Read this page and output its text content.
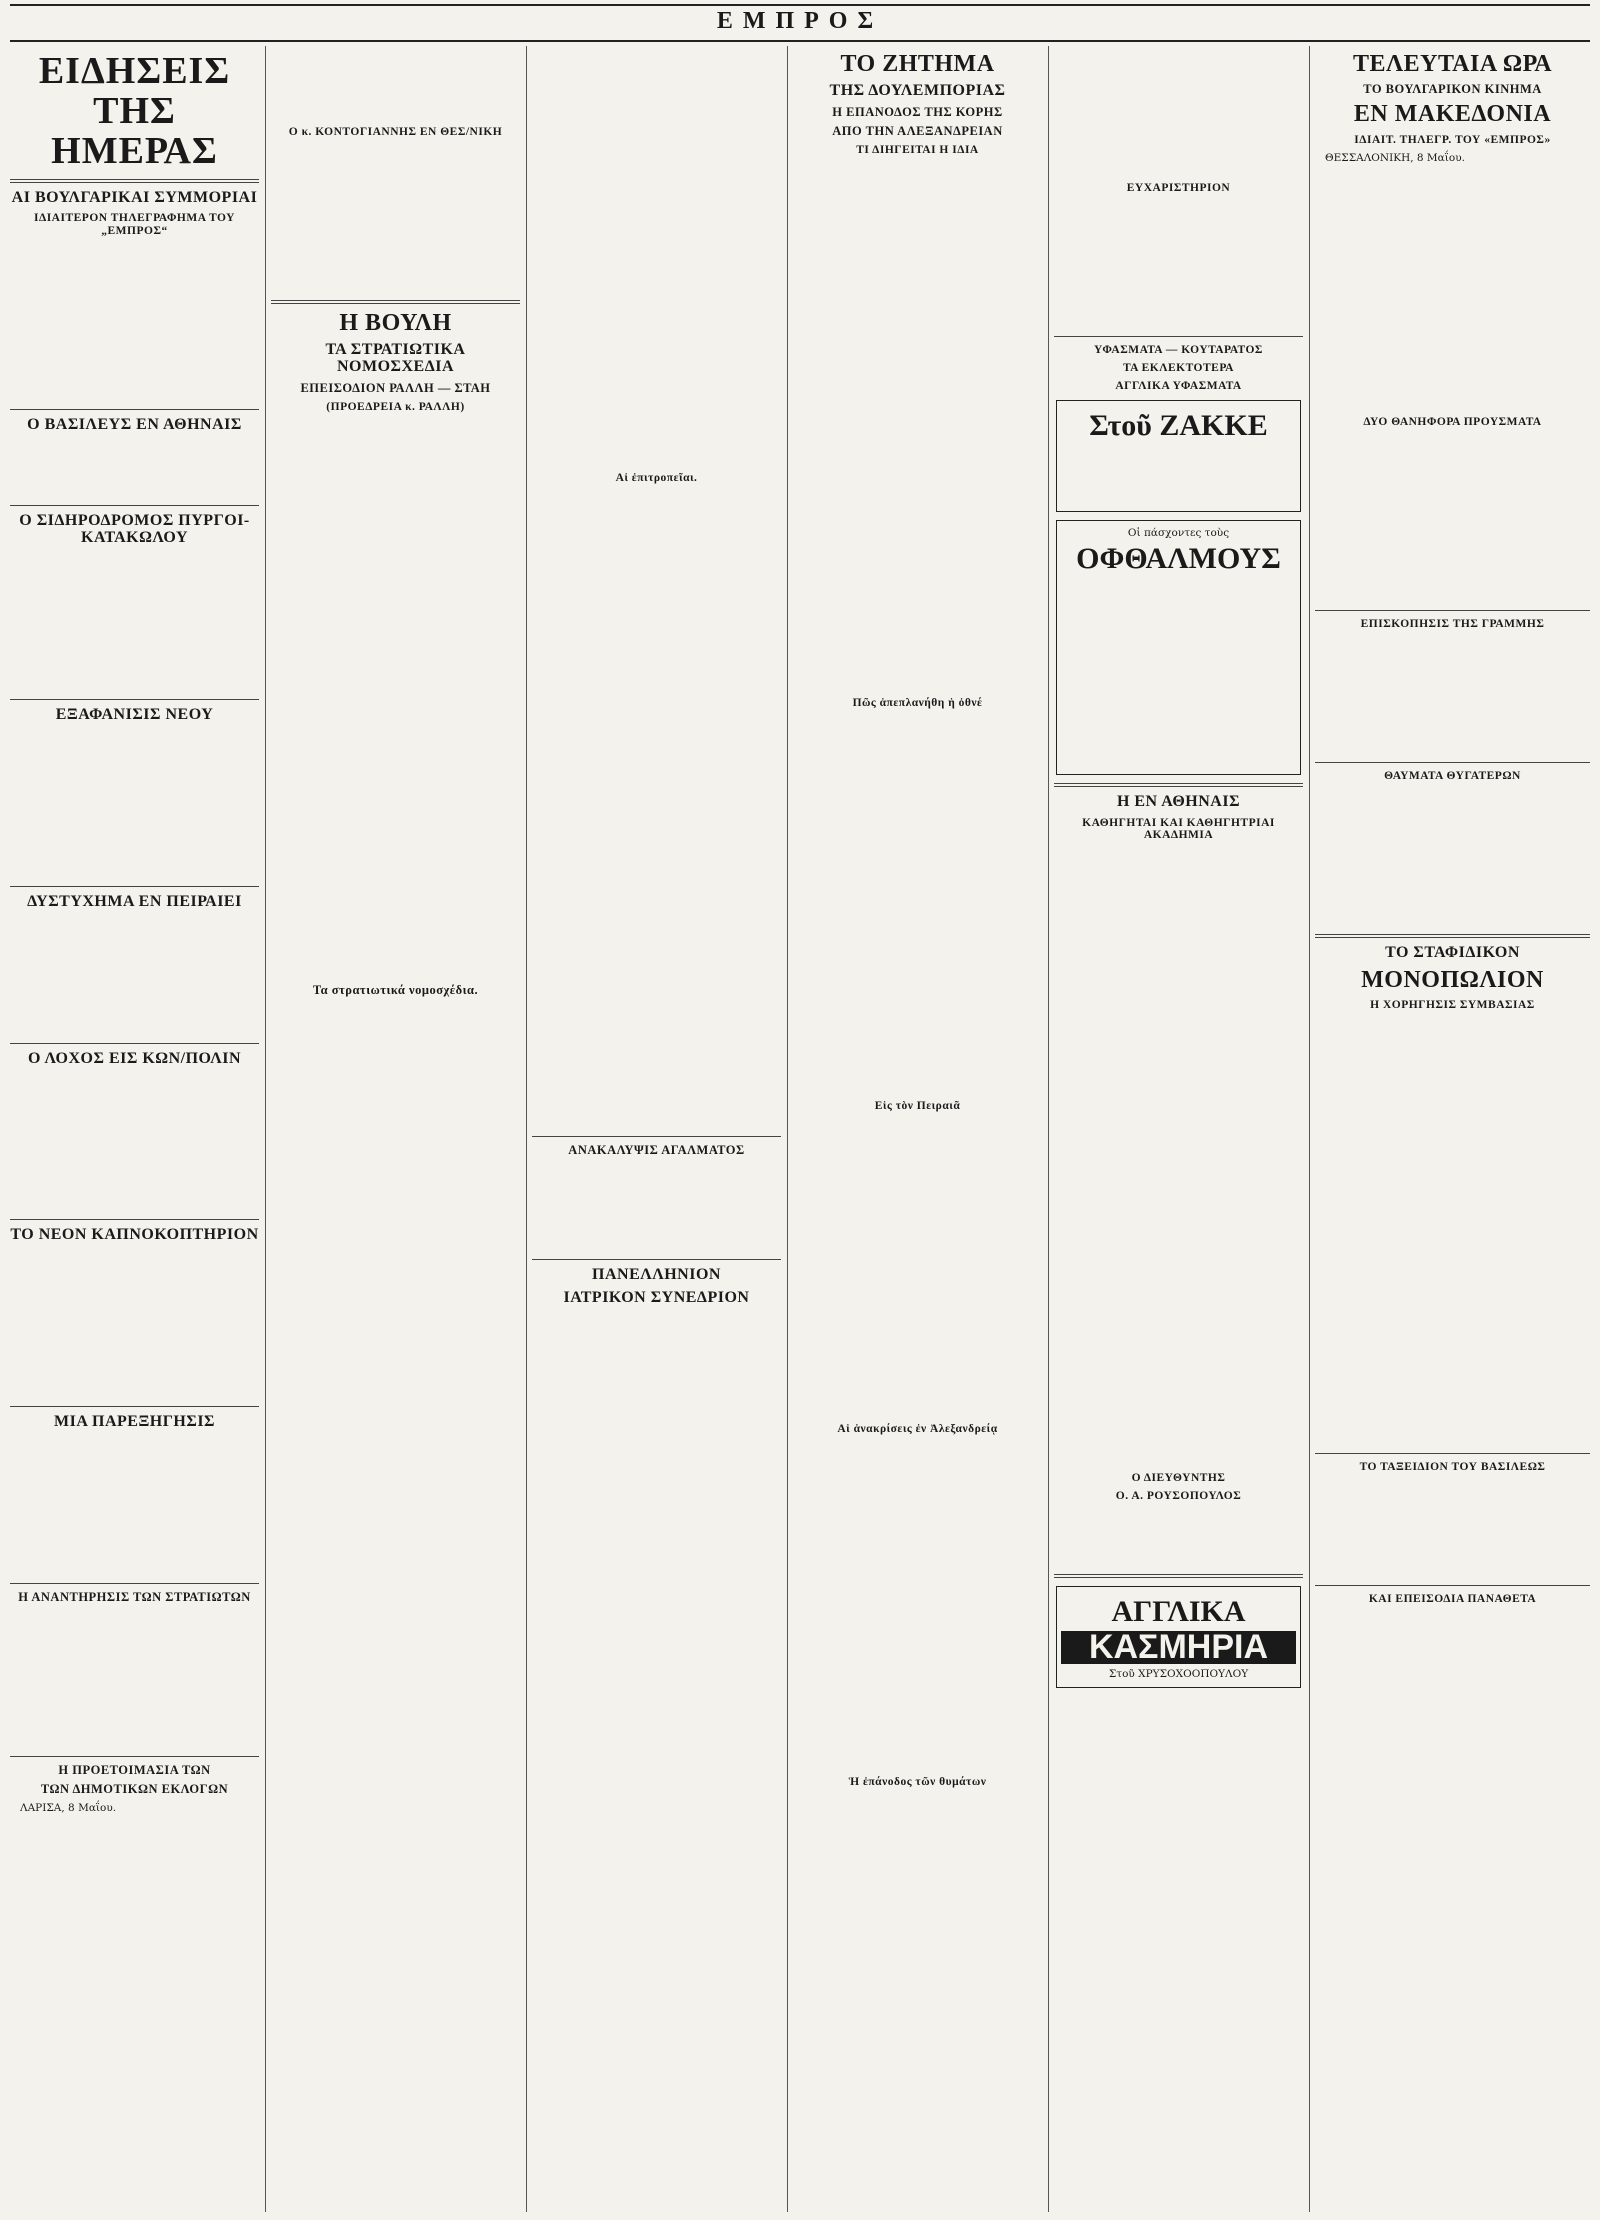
ΕΜΠΡΟΣ
ΕΙΔΗΣΕΙΣ ΤΗΣ ΗΜΕΡΑΣ
ΑΙ ΒΟΥΛΓΑΡΙΚΑΙ ΣΥΜΜΟΡΙΑΙ
ΙΔΙΑΙΤΕΡΟΝ ΤΗΛΕΓΡΑΦΗΜΑ ΤΟΥ „ΕΜΠΡΟΣ“
Ο ΒΑΣΙΛΕΥΣ ΕΝ ΑΘΗΝΑΙΣ
Ο ΣΙΔΗΡΟΔΡΟΜΟΣ ΠΥΡΓΟΙ-ΚΑΤΑΚΩΛΟΥ
ΕΞΑΦΑΝΙΣΙΣ ΝΕΟΥ
ΔΥΣΤΥΧΗΜΑ ΕΝ ΠΕΙΡΑΙΕΙ
Ο ΛΟΧΟΣ ΕΙΣ ΚΩΝ/ΠΟΛΙΝ
ΤΟ ΝΕΟΝ ΚΑΠΝΟΚΟΠΤΗΡΙΟΝ
ΜΙΑ ΠΑΡΕΞΗΓΗΣΙΣ
Η ΑΝΑΝΤΗΡΗΣΙΣ ΤΩΝ ΣΤΡΑΤΙΩΤΩΝ
Η ΠΡΟΕΤΟΙΜΑΣΙΑ ΤΩΝ
ΤΩΝ ΔΗΜΟΤΙΚΩΝ ΕΚΛΟΓΩΝ

ΛΑΡΙΣΑ, 8 Μαΐου.

Ο κ. ΚΟΝΤΟΓΙΑΝΝΗΣ ΕΝ ΘΕΣ/ΝΙΚΗ
Η ΒΟΥΛΗ
ΤΑ ΣΤΡΑΤΙΩΤΙΚΑ ΝΟΜΟΣΧΕΔΙΑ
ΕΠΕΙΣΟΔΙΟΝ ΡΑΛΛΗ — ΣΤΑΗ
(ΠΡΟΕΔΡΕΙΑ κ. ΡΑΛΛΗ)
Τα στρατιωτικά νομοσχέδια.
Αἱ ἐπιτροπεῖαι.
ΑΝΑΚΑΛΥΨΙΣ ΑΓΑΛΜΑΤΟΣ
ΠΑΝΕΛΛΗΝΙΟΝ
ΙΑΤΡΙΚΟΝ ΣΥΝΕΔΡΙΟΝ
ΤΟ ΖΗΤΗΜΑ
ΤΗΣ ΔΟΥΛΕΜΠΟΡΙΑΣ
Η ΕΠΑΝΟΔΟΣ ΤΗΣ ΚΟΡΗΣ
ΑΠΟ ΤΗΝ ΑΛΕΞΑΝΔΡΕΙΑΝ
ΤΙ ΔΙΗΓΕΙΤΑΙ Η ΙΔΙΑ
Πῶς ἀπεπλανήθη ἡ ὀθνέ
Εἰς τὸν Πειραιᾶ
Αἱ ἀνακρίσεις ἐν Ἀλεξανδρείᾳ
Ἡ ἐπάνοδος τῶν θυμάτων
ΕΥΧΑΡΙΣΤΗΡΙΟΝ
ΥΦΑΣΜΑΤΑ — ΚΟΥΤΑΡΑΤΟΣ
ΤΑ ΕΚΛΕΚΤΟΤΕΡΑ
ΑΓΓΛΙΚΑ ΥΦΑΣΜΑΤΑ
Στοῦ ΖΑΚΚΕ
Οἱ πάσχοντες τοὺς
ΟΦΘΑΛΜΟΥΣ
Η ΕΝ ΑΘΗΝΑΙΣ
ΚΑΘΗΓΗΤΑΙ ΚΑΙ ΚΑΘΗΓΗΤΡΙΑΙ ΑΚΑΔΗΜΙΑ
Ο ΔΙΕΥΘΥΝΤΗΣ
Ο. Α. ΡΟΥΣΟΠΟΥΛΟΣ
ΑΓΓΛΙΚΑ
ΚΑΣΜΗΡΙΑ
Στοῦ ΧΡΥΣΟΧΟΟΠΟΥΛΟΥ
ΤΕΛΕΥΤΑΙΑ ΩΡΑ
ΤΟ ΒΟΥΛΓΑΡΙΚΟΝ ΚΙΝΗΜΑ
ΕΝ ΜΑΚΕΔΟΝΙΑ
ΙΔΙΑΙΤ. ΤΗΛΕΓΡ. ΤΟΥ «ΕΜΠΡΟΣ»

ΘΕΣΣΑΛΟΝΙΚΗ, 8 Μαΐου.

ΔΥΟ ΘΑΝΗΦΟΡΑ ΠΡΟΥΣΜΑΤΑ
ΕΠΙΣΚΟΠΗΣΙΣ ΤΗΣ ΓΡΑΜΜΗΣ
ΘΑΥΜΑΤΑ ΘΥΓΑΤΕΡΩΝ
ΤΟ ΣΤΑΦΙΔΙΚΟΝ
ΜΟΝΟΠΩΛΙΟΝ
Η ΧΟΡΗΓΗΣΙΣ ΣΥΜΒΑΣΙΑΣ
ΤΟ ΤΑΞΕΙΔΙΟΝ ΤΟΥ ΒΑΣΙΛΕΩΣ
ΚΑΙ ΕΠΕΙΣΟΔΙΑ ΠΑΝΑΘΕΤΑ
